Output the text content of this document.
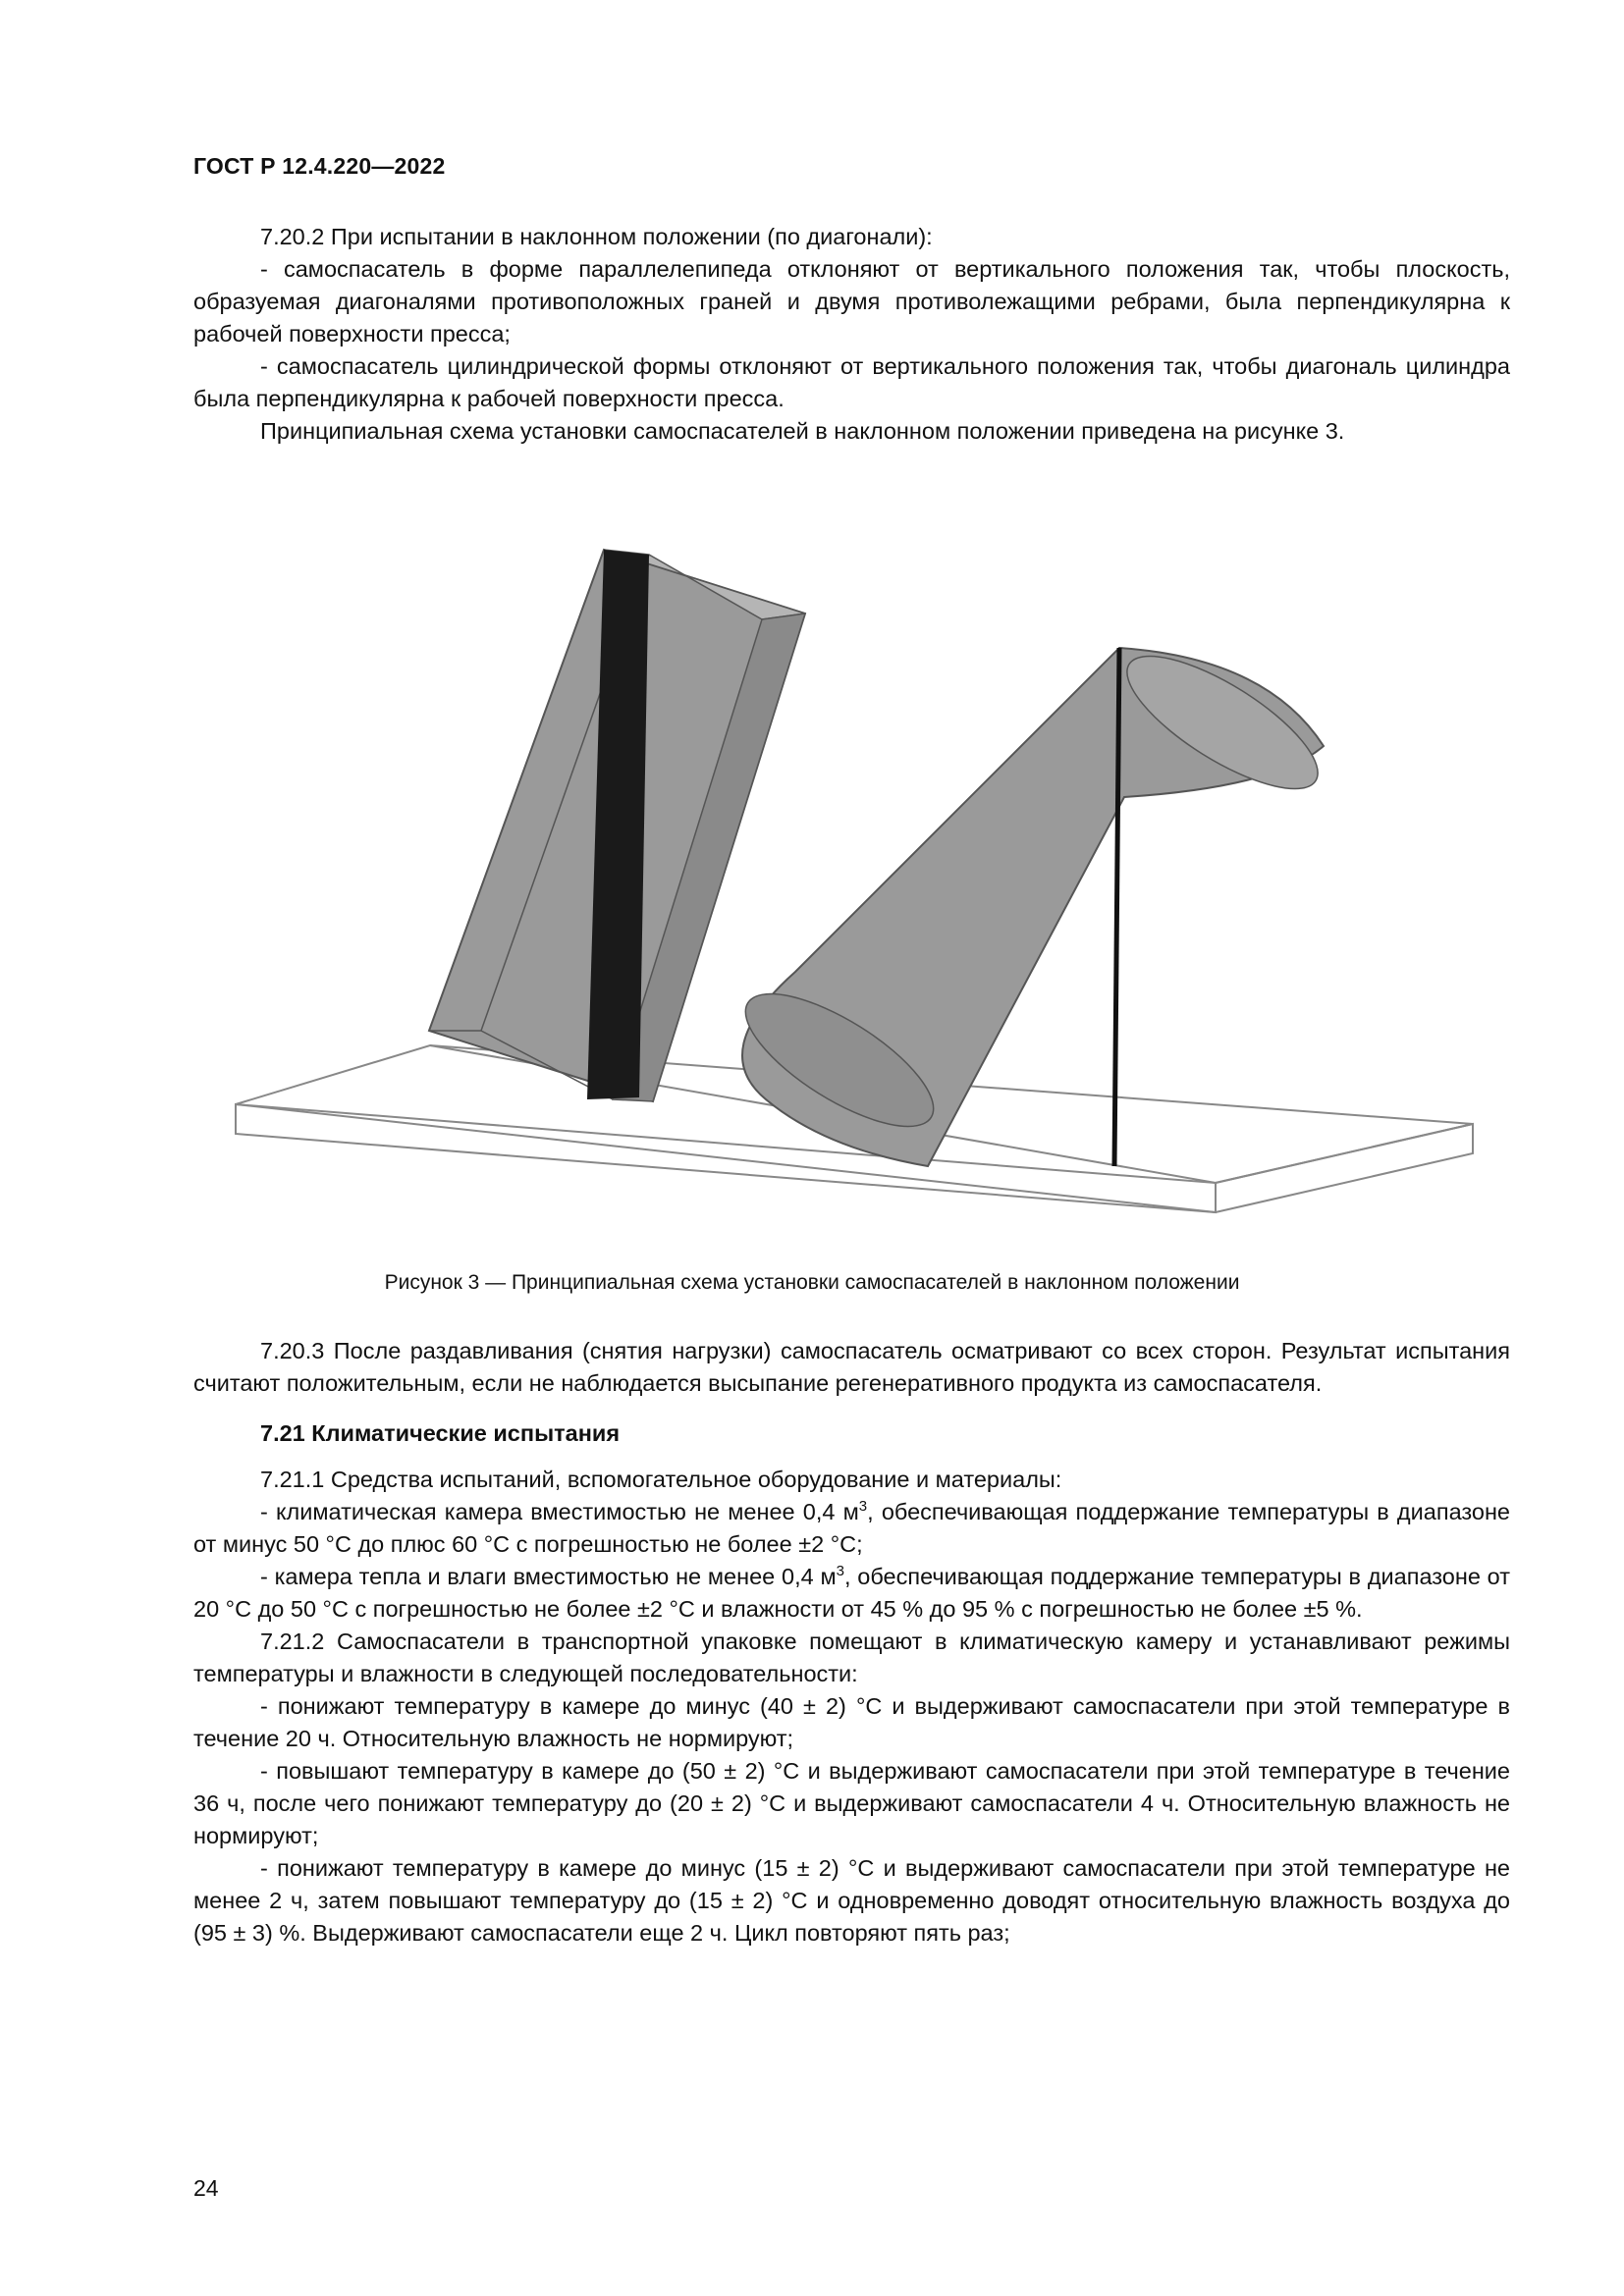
ГОСТ Р 12.4.220—2022

7.20.2 При испытании в наклонном положении (по диагонали):

- самоспасатель в форме параллелепипеда отклоняют от вертикального положения так, чтобы плоскость, образуемая диагоналями противоположных граней и двумя противолежащими ребрами, была перпендикулярна к рабочей поверхности пресса;

- самоспасатель цилиндрической формы отклоняют от вертикального положения так, чтобы диагональ цилиндра была перпендикулярна к рабочей поверхности пресса.

Принципиальная схема установки самоспасателей в наклонном положении приведена на рисунке 3.

Рисунок 3 — Принципиальная схема установки самоспасателей в наклонном положении

7.20.3 После раздавливания (снятия нагрузки) самоспасатель осматривают со всех сторон. Результат испытания считают положительным, если не наблюдается высыпание регенеративного продукта из самоспасателя.

7.21 Климатические испытания

7.21.1 Средства испытаний, вспомогательное оборудование и материалы:

- климатическая камера вместимостью не менее 0,4 $м^3$, обеспечивающая поддержание температуры в диапазоне от минус 50 °С до плюс 60 °С с погрешностью не более ±2 °С;

- камера тепла и влаги вместимостью не менее 0,4 $м^3$, обеспечивающая поддержание температуры в диапазоне от 20 °С до 50 °С с погрешностью не более ±2 °С и влажности от 45 % до 95 % с погрешностью не более ±5 %.

7.21.2 Самоспасатели в транспортной упаковке помещают в климатическую камеру и устанавливают режимы температуры и влажности в следующей последовательности:

- понижают температуру в камере до минус (40 ± 2) °С и выдерживают самоспасатели при этой температуре в течение 20 ч. Относительную влажность не нормируют;

- повышают температуру в камере до (50 ± 2) °С и выдерживают самоспасатели при этой температуре в течение 36 ч, после чего понижают температуру до (20 ± 2) °С и выдерживают самоспасатели 4 ч. Относительную влажность не нормируют;

- понижают температуру в камере до минус (15 ± 2) °С и выдерживают самоспасатели при этой температуре не менее 2 ч, затем повышают температуру до (15 ± 2) °С и одновременно доводят относительную влажность воздуха до (95 ± 3) %. Выдерживают самоспасатели еще 2 ч. Цикл повторяют пять раз;

24
